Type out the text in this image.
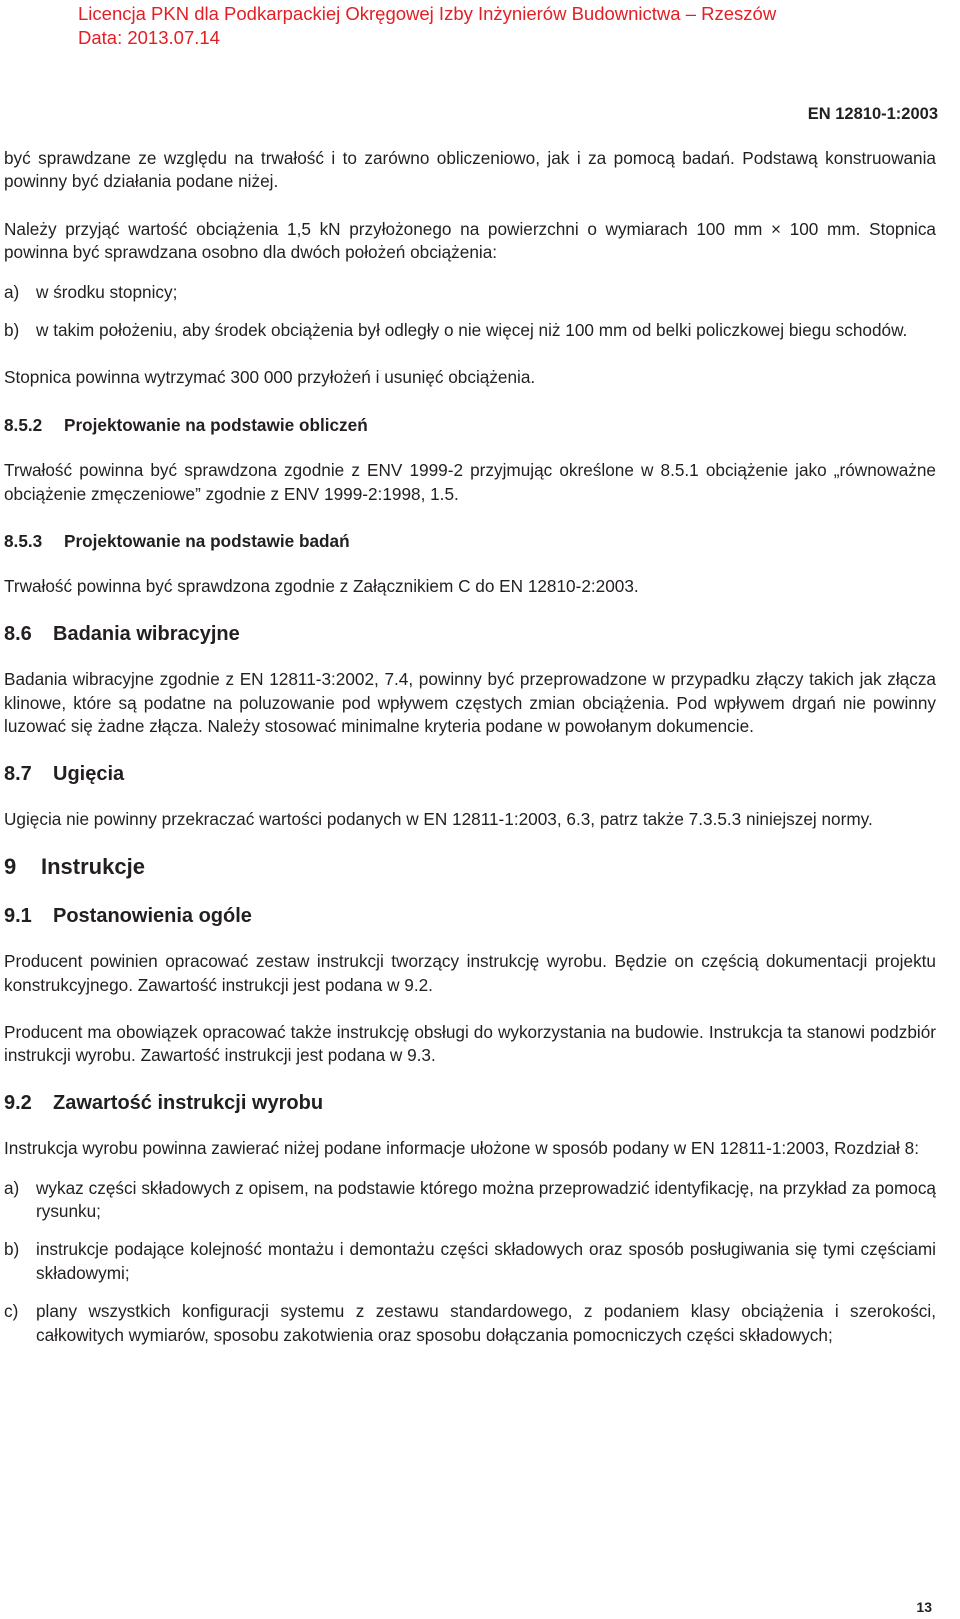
Licencja PKN dla Podkarpackiej Okręgowej Izby Inżynierów Budownictwa – Rzeszów
Data: 2013.07.14
EN 12810-1:2003

być sprawdzane ze względu na trwałość i to zarówno obliczeniowo, jak i za pomocą badań. Podstawą konstruowania powinny być działania podane niżej.

Należy przyjąć wartość obciążenia 1,5 kN przyłożonego na powierzchni o wymiarach 100 mm × 100 mm. Stopnica powinna być sprawdzana osobno dla dwóch położeń obciążenia:

a) w środku stopnicy;
b) w takim położeniu, aby środek obciążenia był odległy o nie więcej niż 100 mm od belki policzkowej biegu schodów.

Stopnica powinna wytrzymać 300 000 przyłożeń i usunięć obciążenia.

8.5.2	Projektowanie na podstawie obliczeń

Trwałość powinna być sprawdzona zgodnie z ENV 1999-2 przyjmując określone w 8.5.1 obciążenie jako „równoważne obciążenie zmęczeniowe” zgodnie z ENV 1999-2:1998, 1.5.

8.5.3	Projektowanie na podstawie badań

Trwałość powinna być sprawdzona zgodnie z Załącznikiem C do EN 12810-2:2003.

8.6	Badania wibracyjne

Badania wibracyjne zgodnie z EN 12811-3:2002, 7.4, powinny być przeprowadzone w przypadku złączy takich jak złącza klinowe, które są podatne na poluzowanie pod wpływem częstych zmian obciążenia. Pod wpływem drgań nie powinny luzować się żadne złącza. Należy stosować minimalne kryteria podane w powołanym dokumencie.

8.7	Ugięcia

Ugięcia nie powinny przekraczać wartości podanych w EN 12811-1:2003, 6.3, patrz także 7.3.5.3 niniejszej normy.

9	Instrukcje
9.1	Postanowienia ogóle

Producent powinien opracować zestaw instrukcji tworzący instrukcję wyrobu. Będzie on częścią dokumentacji projektu konstrukcyjnego. Zawartość instrukcji jest podana w 9.2.

Producent ma obowiązek opracować także instrukcję obsługi do wykorzystania na budowie. Instrukcja ta stanowi podzbiór instrukcji wyrobu. Zawartość instrukcji jest podana w 9.3.

9.2	Zawartość instrukcji wyrobu

Instrukcja wyrobu powinna zawierać niżej podane informacje ułożone w sposób podany w EN 12811-1:2003, Rozdział 8:

a) wykaz części składowych z opisem, na podstawie którego można przeprowadzić identyfikację, na przykład za pomocą rysunku;
b) instrukcje podające kolejność montażu i demontażu części składowych oraz sposób posługiwania się tymi częściami składowymi;
c)	plany wszystkich konfiguracji systemu z zestawu standardowego, z podaniem klasy obciążenia i szerokości, całkowitych wymiarów, sposobu zakotwienia oraz sposobu dołączania pomocniczych części składowych;
13
